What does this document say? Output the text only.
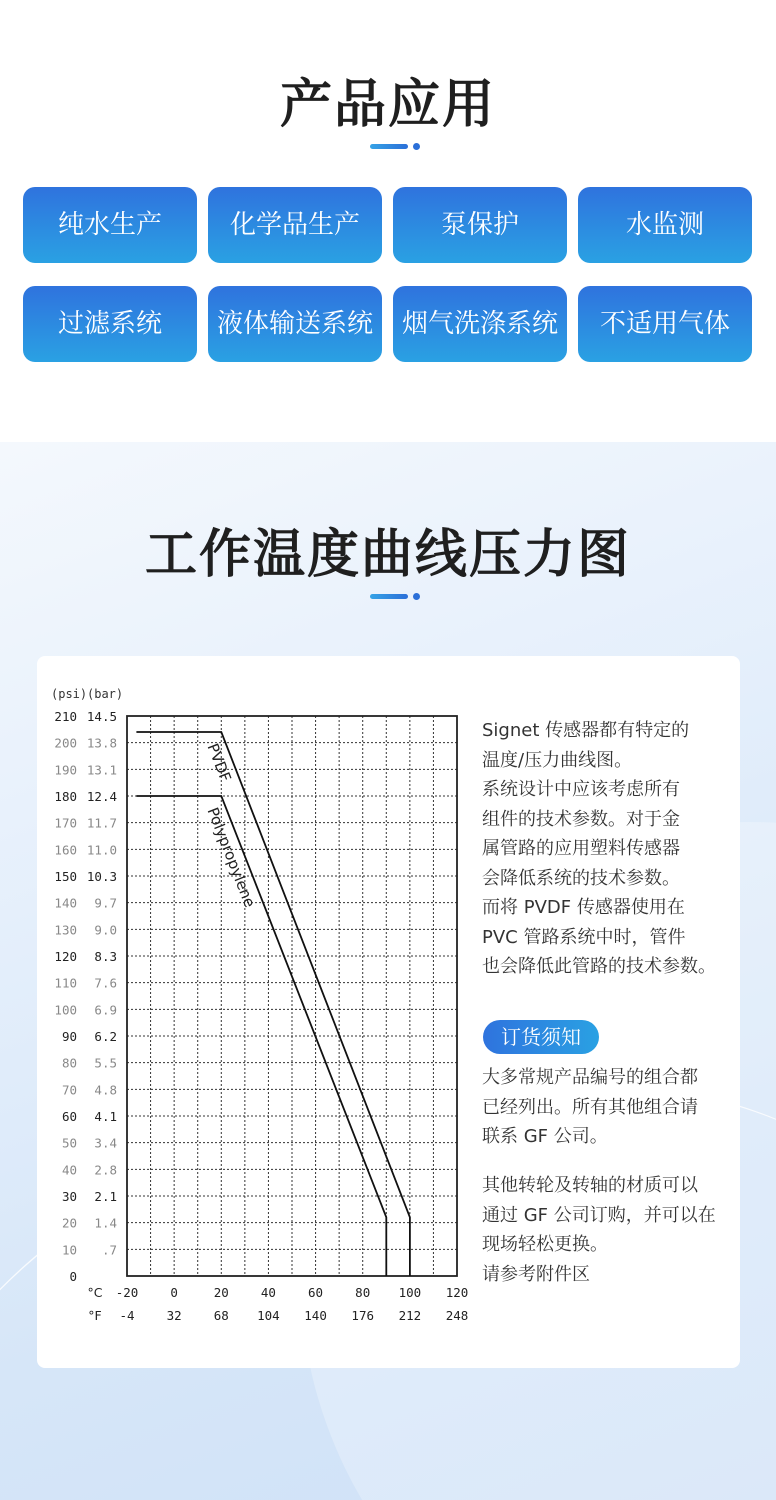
产品应用
纯水生产	化学品生产	泵保护	水监测
过滤系统	液体输送系统	烟气洗涤系统	不适用气体
工作温度曲线压力图
210 14.5
200 13.8
190 13.1
180 12.4
170 11.7
160 11.0
150 10.3
140 9.7
130 9.0
120 8.3
110 7.6
100 6.9
90 6.2
80 5.5
70 4.8
60 4.1
50 3.4
40 2.8
30 2.1
20 1.4
10 .7
0
(psi) (bar)
°C
°F
-20
-4
0
32
20
68
40
104
60
140
80
176
100
212
120
248
PVDF
Polypropylene
Signet 传感器都有特定的
温度/压力曲线图。
系统设计中应该考虑所有
组件的技术参数。对于金
属管路的应用塑料传感器
会降低系统的技术参数。
而将 PVDF 传感器使用在
PVC 管路系统中时，管件
也会降低此管路的技术参数。
订货须知
大多常规产品编号的组合都
已经列出。所有其他组合请
联系 GF 公司。
其他转轮及转轴的材质可以
通过 GF 公司订购，并可以在
现场轻松更换。
请参考附件区
